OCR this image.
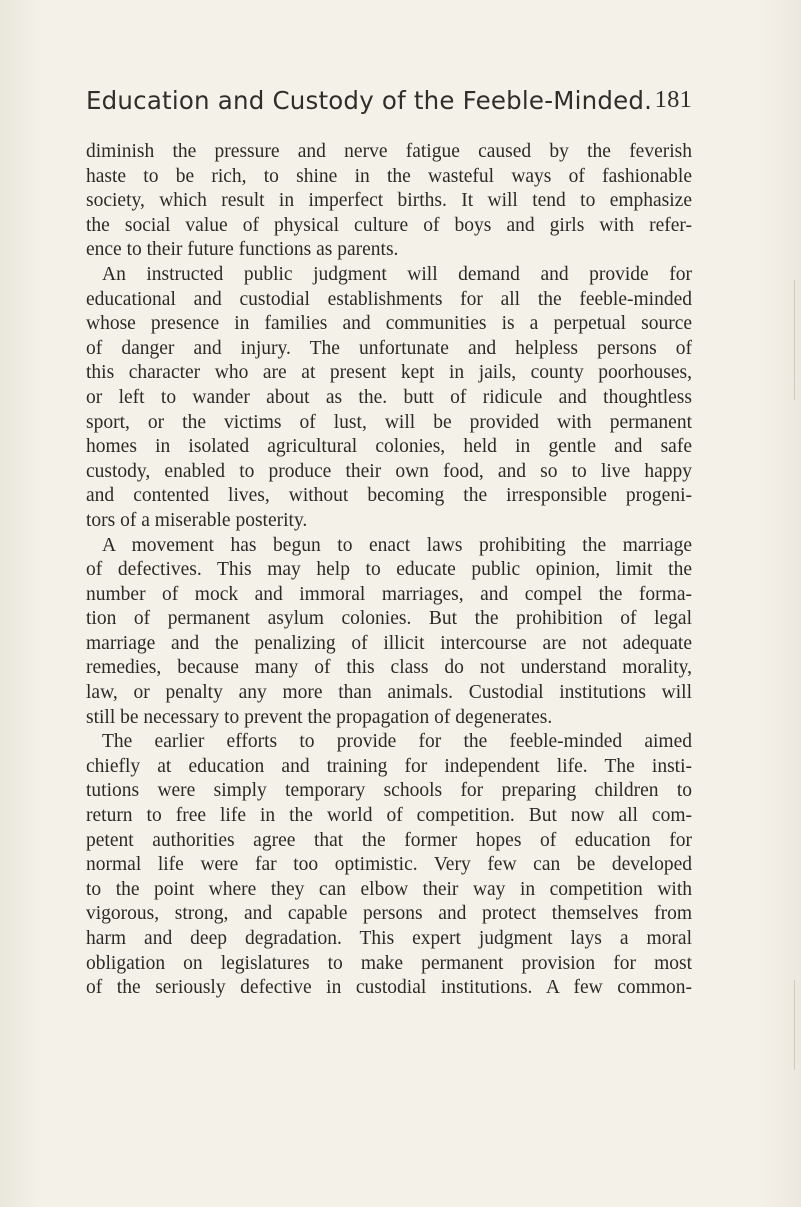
Education and Custody of the Feeble-Minded. 181
diminish the pressure and nerve fatigue caused by the feverish
haste to be rich, to shine in the wasteful ways of fashionable
society, which result in imperfect births. It will tend to emphasize
the social value of physical culture of boys and girls with refer-
ence to their future functions as parents.
An instructed public judgment will demand and provide for
educational and custodial establishments for all the feeble-minded
whose presence in families and communities is a perpetual source
of danger and injury. The unfortunate and helpless persons of
this character who are at present kept in jails, county poorhouses,
or left to wander about as the. butt of ridicule and thoughtless
sport, or the victims of lust, will be provided with permanent
homes in isolated agricultural colonies, held in gentle and safe
custody, enabled to produce their own food, and so to live happy
and contented lives, without becoming the irresponsible progeni-
tors of a miserable posterity.
A movement has begun to enact laws prohibiting the marriage
of defectives. This may help to educate public opinion, limit the
number of mock and immoral marriages, and compel the forma-
tion of permanent asylum colonies. But the prohibition of legal
marriage and the penalizing of illicit intercourse are not adequate
remedies, because many of this class do not understand morality,
law, or penalty any more than animals. Custodial institutions will
still be necessary to prevent the propagation of degenerates.
The earlier efforts to provide for the feeble-minded aimed
chiefly at education and training for independent life. The insti-
tutions were simply temporary schools for preparing children to
return to free life in the world of competition. But now all com-
petent authorities agree that the former hopes of education for
normal life were far too optimistic. Very few can be developed
to the point where they can elbow their way in competition with
vigorous, strong, and capable persons and protect themselves from
harm and deep degradation. This expert judgment lays a moral
obligation on legislatures to make permanent provision for most
of the seriously defective in custodial institutions. A few common-
